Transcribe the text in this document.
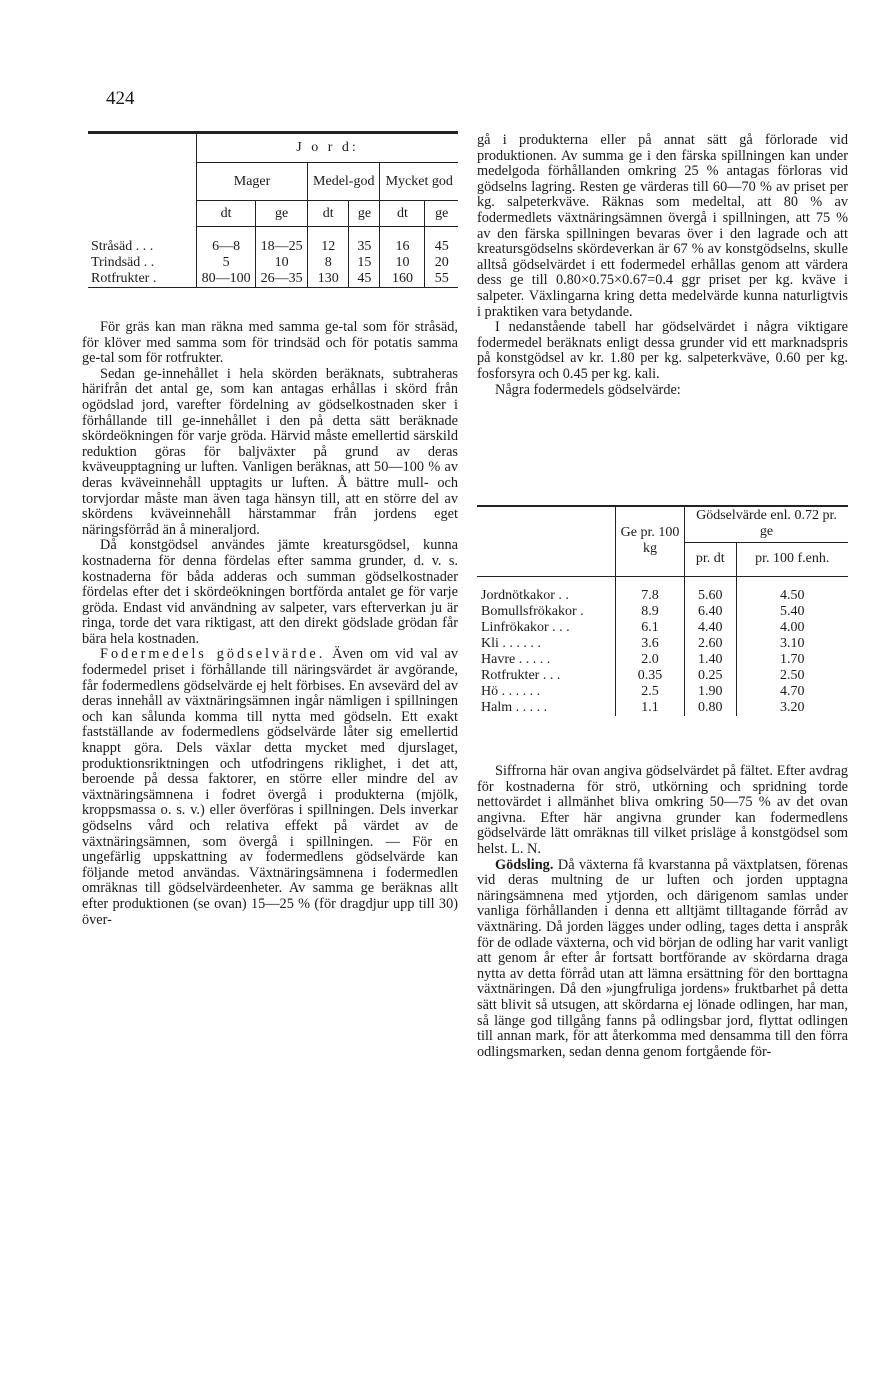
424
	J o r d:					
	Mager		Medel-god		Mycket god	
	dt	ge	dt	ge	dt	ge

Stråsäd . . .	6—8	18—25	12	35	16	45
Trindsäd . .	5	10	8	15	10	20
Rotfrukter .	80—100	26—35	130	45	160	55

För gräs kan man räkna med samma ge-tal som för stråsäd, för klöver med samma som för trindsäd och för potatis samma ge-tal som för rotfrukter.

Sedan ge-innehållet i hela skörden beräknats, subtraheras härifrån det antal ge, som kan antagas erhållas i skörd från ogödslad jord, varefter fördelning av gödselkostnaden sker i förhållande till ge-innehållet i den på detta sätt beräknade skördeökningen för varje gröda. Härvid måste emellertid särskild reduktion göras för baljväxter på grund av deras kväveupptagning ur luften. Vanligen beräknas, att 50—100 % av deras kväveinnehåll upptagits ur luften. Å bättre mull- och torvjordar måste man även taga hänsyn till, att en större del av skördens kväveinnehåll härstammar från jordens eget näringsförråd än å mineraljord.

Då konstgödsel användes jämte kreatursgödsel, kunna kostnaderna för denna fördelas efter samma grunder, d. v. s. kostnaderna för båda adderas och summan gödselkostnader fördelas efter det i skördeökningen bortförda antalet ge för varje gröda. Endast vid användning av salpeter, vars efterverkan ju är ringa, torde det vara riktigast, att den direkt gödslade grödan får bära hela kostnaden.

Fodermedels gödselvärde. Även om vid val av fodermedel priset i förhållande till näringsvärdet är avgörande, får fodermedlens gödselvärde ej helt förbises. En avsevärd del av deras innehåll av växtnäringsämnen ingår nämligen i spillningen och kan sålunda komma till nytta med gödseln. Ett exakt fastställande av fodermedlens gödselvärde låter sig emellertid knappt göra. Dels växlar detta mycket med djurslaget, produktionsriktningen och utfodringens riklighet, i det att, beroende på dessa faktorer, en större eller mindre del av växtnäringsämnena i fodret övergå i produkterna (mjölk, kroppsmassa o. s. v.) eller överföras i spillningen. Dels inverkar gödselns vård och relativa effekt på värdet av de växtnäringsämnen, som övergå i spillningen. — För en ungefärlig uppskattning av fodermedlens gödselvärde kan följande metod användas. Växtnäringsämnena i fodermedlen omräknas till gödselvärdeenheter. Av samma ge beräknas allt efter produktionen (se ovan) 15—25 % (för dragdjur upp till 30) över-

gå i produkterna eller på annat sätt gå förlorade vid produktionen. Av summa ge i den färska spillningen kan under medelgoda förhållanden omkring 25 % antagas förloras vid gödselns lagring. Resten ge värderas till 60—70 % av priset per kg. salpeterkväve. Räknas som medeltal, att 80 % av fodermedlets växtnäringsämnen övergå i spillningen, att 75 % av den färska spillningen bevaras över i den lagrade och att kreatursgödselns skördeverkan är 67 % av konstgödselns, skulle alltså gödselvärdet i ett fodermedel erhållas genom att värdera dess ge till 0.80×0.75×0.67=0.4 ggr priset per kg. kväve i salpeter. Växlingarna kring detta medelvärde kunna naturligtvis i praktiken vara betydande.

I nedanstående tabell har gödselvärdet i några viktigare fodermedel beräknats enligt dessa grunder vid ett marknadspris på konstgödsel av kr. 1.80 per kg. salpeterkväve, 0.60 per kg. fosforsyra och 0.45 per kg. kali.

Några fodermedels gödselvärde:

	Ge pr. 100 kg	Gödselvärde enl. 0.72 pr. ge	
		pr. dt	pr. 100 f.enh.

Jordnötkakor . .	7.8	5.60	4.50
Bomullsfrökakor .	8.9	6.40	5.40
Linfrökakor . . .	6.1	4.40	4.00
Kli . . . . . .	3.6	2.60	3.10
Havre . . . . .	2.0	1.40	1.70
Rotfrukter . . .	0.35	0.25	2.50
Hö . . . . . .	2.5	1.90	4.70
Halm . . . . .	1.1	0.80	3.20

Siffrorna här ovan angiva gödselvärdet på fältet. Efter avdrag för kostnaderna för strö, utkörning och spridning torde nettovärdet i allmänhet bliva omkring 50—75 % av det ovan angivna. Efter här angivna grunder kan fodermedlens gödselvärde lätt omräknas till vilket prisläge å konstgödsel som helst. L. N.

Gödsling. Då växterna få kvarstanna på växtplatsen, förenas vid deras multning de ur luften och jorden upptagna näringsämnena med ytjorden, och därigenom samlas under vanliga förhållanden i denna ett alltjämt tilltagande förråd av växtnäring. Då jorden lägges under odling, tages detta i anspråk för de odlade växterna, och vid början de odling har varit vanligt att genom år efter år fortsatt bortförande av skördarna draga nytta av detta förråd utan att lämna ersättning för den borttagna växtnäringen. Då den »jungfruliga jordens» fruktbarhet på detta sätt blivit så utsugen, att skördarna ej lönade odlingen, har man, så länge god tillgång fanns på odlingsbar jord, flyttat odlingen till annan mark, för att återkomma med densamma till den förra odlingsmarken, sedan denna genom fortgående för-
